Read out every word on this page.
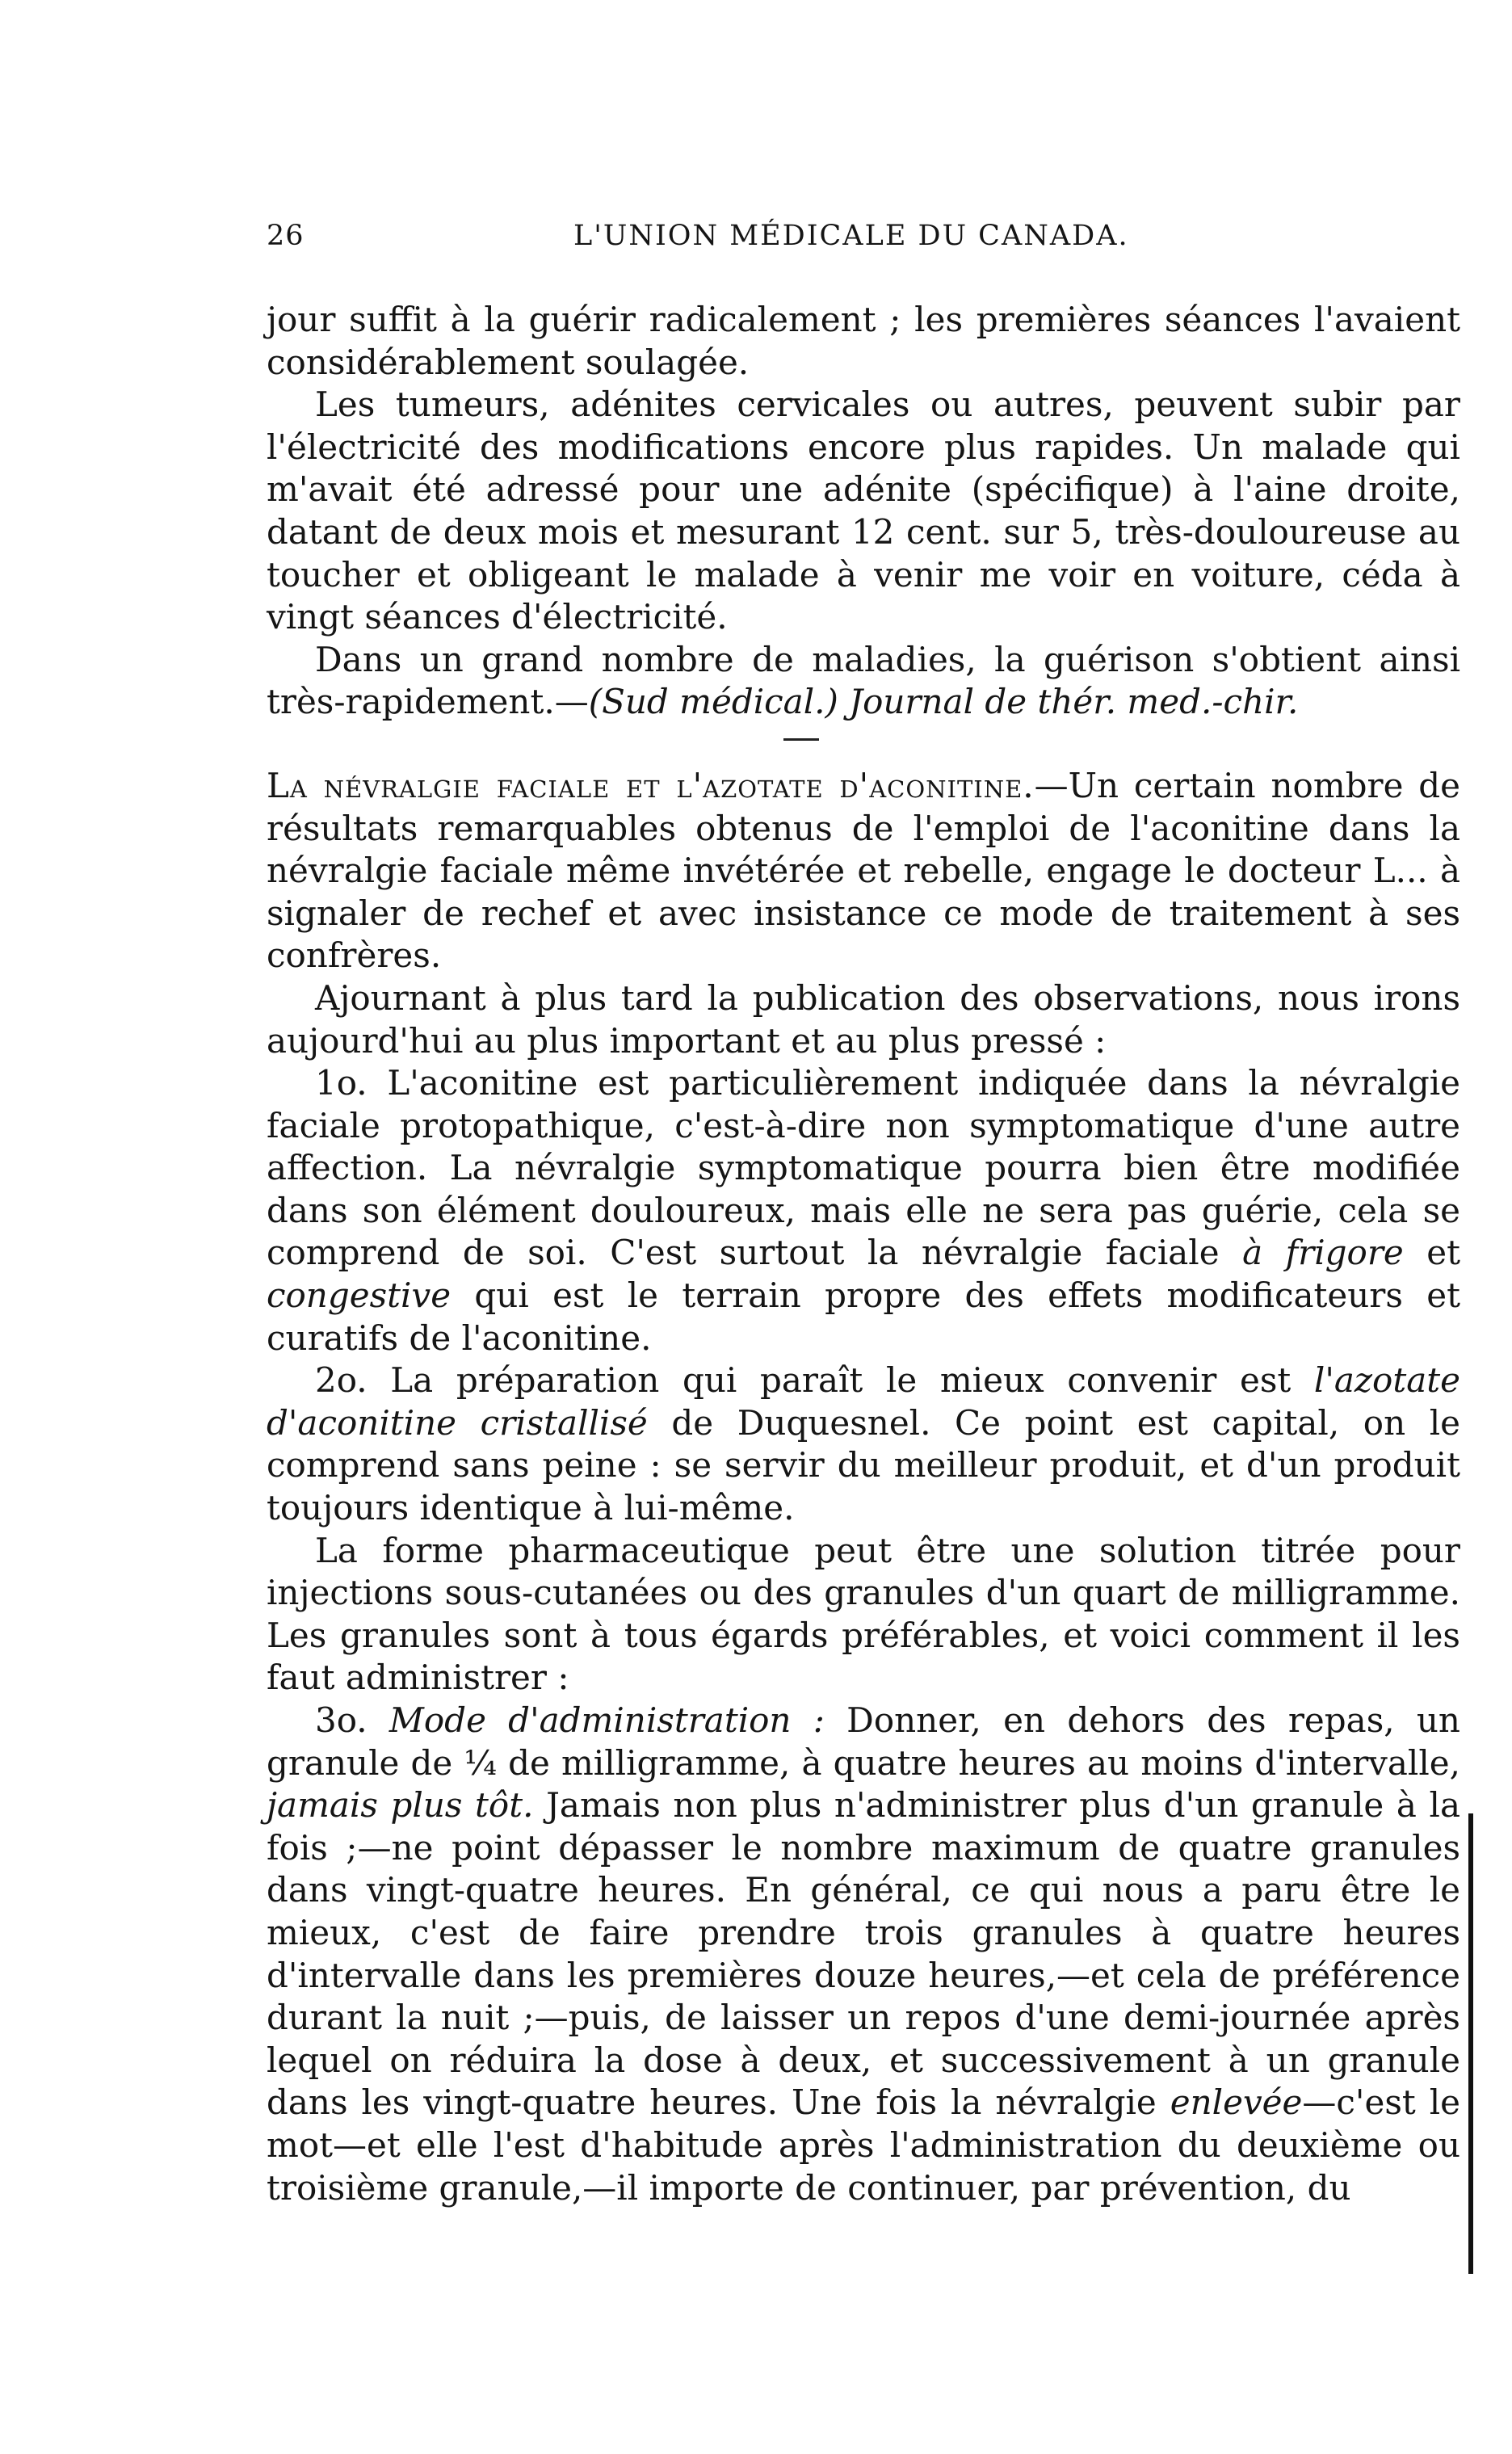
26	L'UNION MÉDICALE DU CANADA.

jour suffit à la guérir radicalement ; les premières séances l'avaient considérablement soulagée.

Les tumeurs, adénites cervicales ou autres, peuvent subir par l'électricité des modifications encore plus rapides. Un malade qui m'avait été adressé pour une adénite (spécifique) à l'aine droite, datant de deux mois et mesurant 12 cent. sur 5, très-douloureuse au toucher et obligeant le malade à venir me voir en voiture, céda à vingt séances d'électricité.

Dans un grand nombre de maladies, la guérison s'obtient ainsi très-rapidement.—(Sud médical.) Journal de thér. med.-chir.

La névralgie faciale et l'azotate d'aconitine.—Un certain nombre de résultats remarquables obtenus de l'emploi de l'aconitine dans la névralgie faciale même invétérée et rebelle, engage le docteur L... à signaler de rechef et avec insistance ce mode de traitement à ses confrères.

Ajournant à plus tard la publication des observations, nous irons aujourd'hui au plus important et au plus pressé :

1o. L'aconitine est particulièrement indiquée dans la névralgie faciale protopathique, c'est-à-dire non symptomatique d'une autre affection. La névralgie symptomatique pourra bien être modifiée dans son élément douloureux, mais elle ne sera pas guérie, cela se comprend de soi. C'est surtout la névralgie faciale à frigore et congestive qui est le terrain propre des effets modificateurs et curatifs de l'aconitine.

2o. La préparation qui paraît le mieux convenir est l'azotate d'aconitine cristallisé de Duquesnel. Ce point est capital, on le comprend sans peine : se servir du meilleur produit, et d'un produit toujours identique à lui-même.

La forme pharmaceutique peut être une solution titrée pour injections sous-cutanées ou des granules d'un quart de milligramme. Les granules sont à tous égards préférables, et voici comment il les faut administrer :

3o. Mode d'administration : Donner, en dehors des repas, un granule de ¼ de milligramme, à quatre heures au moins d'intervalle, jamais plus tôt. Jamais non plus n'administrer plus d'un granule à la fois ;—ne point dépasser le nombre maximum de quatre granules dans vingt-quatre heures. En général, ce qui nous a paru être le mieux, c'est de faire prendre trois granules à quatre heures d'intervalle dans les premières douze heures,—et cela de préférence durant la nuit ;—puis, de laisser un repos d'une demi-journée après lequel on réduira la dose à deux, et successivement à un granule dans les vingt-quatre heures. Une fois la névralgie enlevée—c'est le mot—et elle l'est d'habitude après l'administration du deuxième ou troisième granule,—il importe de continuer, par prévention, du
